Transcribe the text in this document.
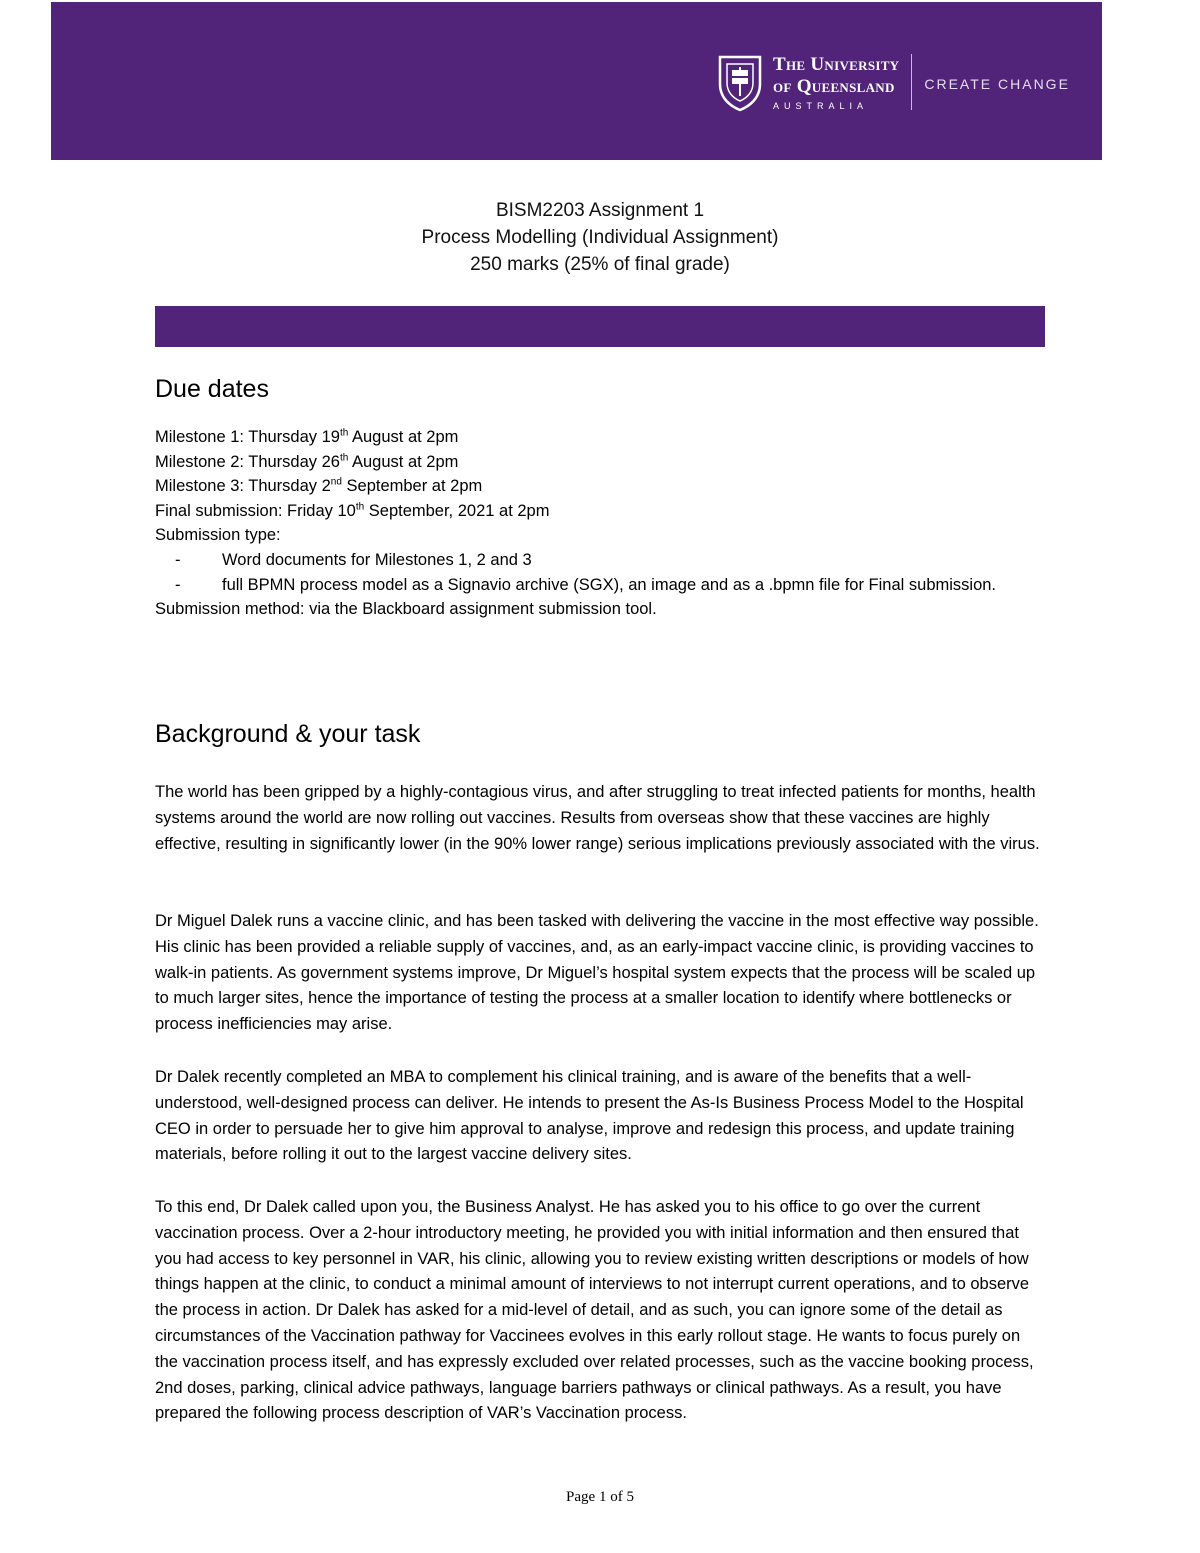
The University
of Queensland
AUSTRALIA
CREATE CHANGE
BISM2203 Assignment 1
Process Modelling (Individual Assignment)
250 marks (25% of final grade)
Due dates
Milestone 1: Thursday 19th August at 2pm
Milestone 2: Thursday 26th August at 2pm
Milestone 3: Thursday 2nd September at 2pm
Final submission: Friday 10th September, 2021 at 2pm
Submission type:
-	Word documents for Milestones 1, 2 and 3
-	full BPMN process model as a Signavio archive (SGX), an image and as a .bpmn file for Final submission.
Submission method: via the Blackboard assignment submission tool.
Background & your task

The world has been gripped by a highly-contagious virus, and after struggling to treat infected patients for months, health systems around the world are now rolling out vaccines. Results from overseas show that these vaccines are highly effective, resulting in significantly lower (in the 90% lower range) serious implications previously associated with the virus.

Dr Miguel Dalek runs a vaccine clinic, and has been tasked with delivering the vaccine in the most effective way possible. His clinic has been provided a reliable supply of vaccines, and, as an early-impact vaccine clinic, is providing vaccines to walk-in patients. As government systems improve, Dr Miguel’s hospital system expects that the process will be scaled up to much larger sites, hence the importance of testing the process at a smaller location to identify where bottlenecks or process inefficiencies may arise.

Dr Dalek recently completed an MBA to complement his clinical training, and is aware of the benefits that a well-understood, well-designed process can deliver. He intends to present the As-Is Business Process Model to the Hospital CEO in order to persuade her to give him approval to analyse, improve and redesign this process, and update training materials, before rolling it out to the largest vaccine delivery sites.

To this end, Dr Dalek called upon you, the Business Analyst. He has asked you to his office to go over the current vaccination process. Over a 2-hour introductory meeting, he provided you with initial information and then ensured that you had access to key personnel in VAR, his clinic, allowing you to review existing written descriptions or models of how things happen at the clinic, to conduct a minimal amount of interviews to not interrupt current operations, and to observe the process in action. Dr Dalek has asked for a mid-level of detail, and as such, you can ignore some of the detail as circumstances of the Vaccination pathway for Vaccinees evolves in this early rollout stage. He wants to focus purely on the vaccination process itself, and has expressly excluded over related processes, such as the vaccine booking process, 2nd doses, parking, clinical advice pathways, language barriers pathways or clinical pathways. As a result, you have prepared the following process description of VAR’s Vaccination process.

Page 1 of 5
